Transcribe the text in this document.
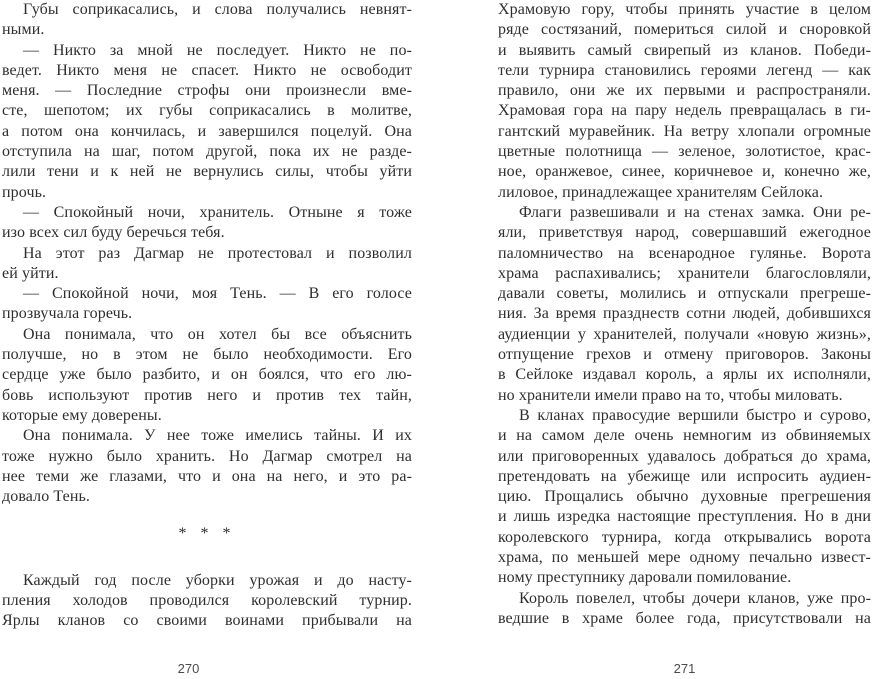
Губы соприкасались, и слова получались невнят-
ными.
— Никто за мной не последует. Никто не по-
ведет. Никто меня не спасет. Никто не освободит
меня. — Последние строфы они произнесли вме-
сте, шепотом; их губы соприкасались в молитве,
а потом она кончилась, и завершился поцелуй. Она
отступила на шаг, потом другой, пока их не разде-
лили тени и к ней не вернулись силы, чтобы уйти
прочь.
— Спокойный ночи, хранитель. Отныне я тоже
изо всех сил буду беречься тебя.
На этот раз Дагмар не протестовал и позволил
ей уйти.
— Спокойной ночи, моя Тень. — В его голосе
прозвучала горечь.
Она понимала, что он хотел бы все объяснить
получше, но в этом не было необходимости. Его
сердце уже было разбито, и он боялся, что его лю-
бовь используют против него и против тех тайн,
которые ему доверены.
Она понимала. У нее тоже имелись тайны. И их
тоже нужно было хранить. Но Дагмар смотрел на
нее теми же глазами, что и она на него, и это ра-
довало Тень.
* * *
Каждый год после уборки урожая и до насту-
пления холодов проводился королевский турнир.
Ярлы кланов со своими воинами прибывали на
270
Храмовую гору, чтобы принять участие в целом
ряде состязаний, помериться силой и сноровкой
и выявить самый свирепый из кланов. Победи-
тели турнира становились героями легенд — как
правило, они же их первыми и распространяли.
Храмовая гора на пару недель превращалась в ги-
гантский муравейник. На ветру хлопали огромные
цветные полотнища — зеленое, золотистое, крас-
ное, оранжевое, синее, коричневое и, конечно же,
лиловое, принадлежащее хранителям Сейлока.
Флаги развешивали и на стенах замка. Они ре-
яли, приветствуя народ, совершавший ежегодное
паломничество на всенародное гулянье. Ворота
храма распахивались; хранители благословляли,
давали советы, молились и отпускали прегреше-
ния. За время празднеств сотни людей, добившихся
аудиенции у хранителей, получали «новую жизнь»,
отпущение грехов и отмену приговоров. Законы
в Сейлоке издавал король, а ярлы их исполняли,
но хранители имели право на то, чтобы миловать.
В кланах правосудие вершили быстро и сурово,
и на самом деле очень немногим из обвиняемых
или приговоренных удавалось добраться до храма,
претендовать на убежище или испросить аудиен-
цию. Прощались обычно духовные прегрешения
и лишь изредка настоящие преступления. Но в дни
королевского турнира, когда открывались ворота
храма, по меньшей мере одному печально извест-
ному преступнику даровали помилование.
Король повелел, чтобы дочери кланов, уже про-
ведшие в храме более года, присутствовали на
271
